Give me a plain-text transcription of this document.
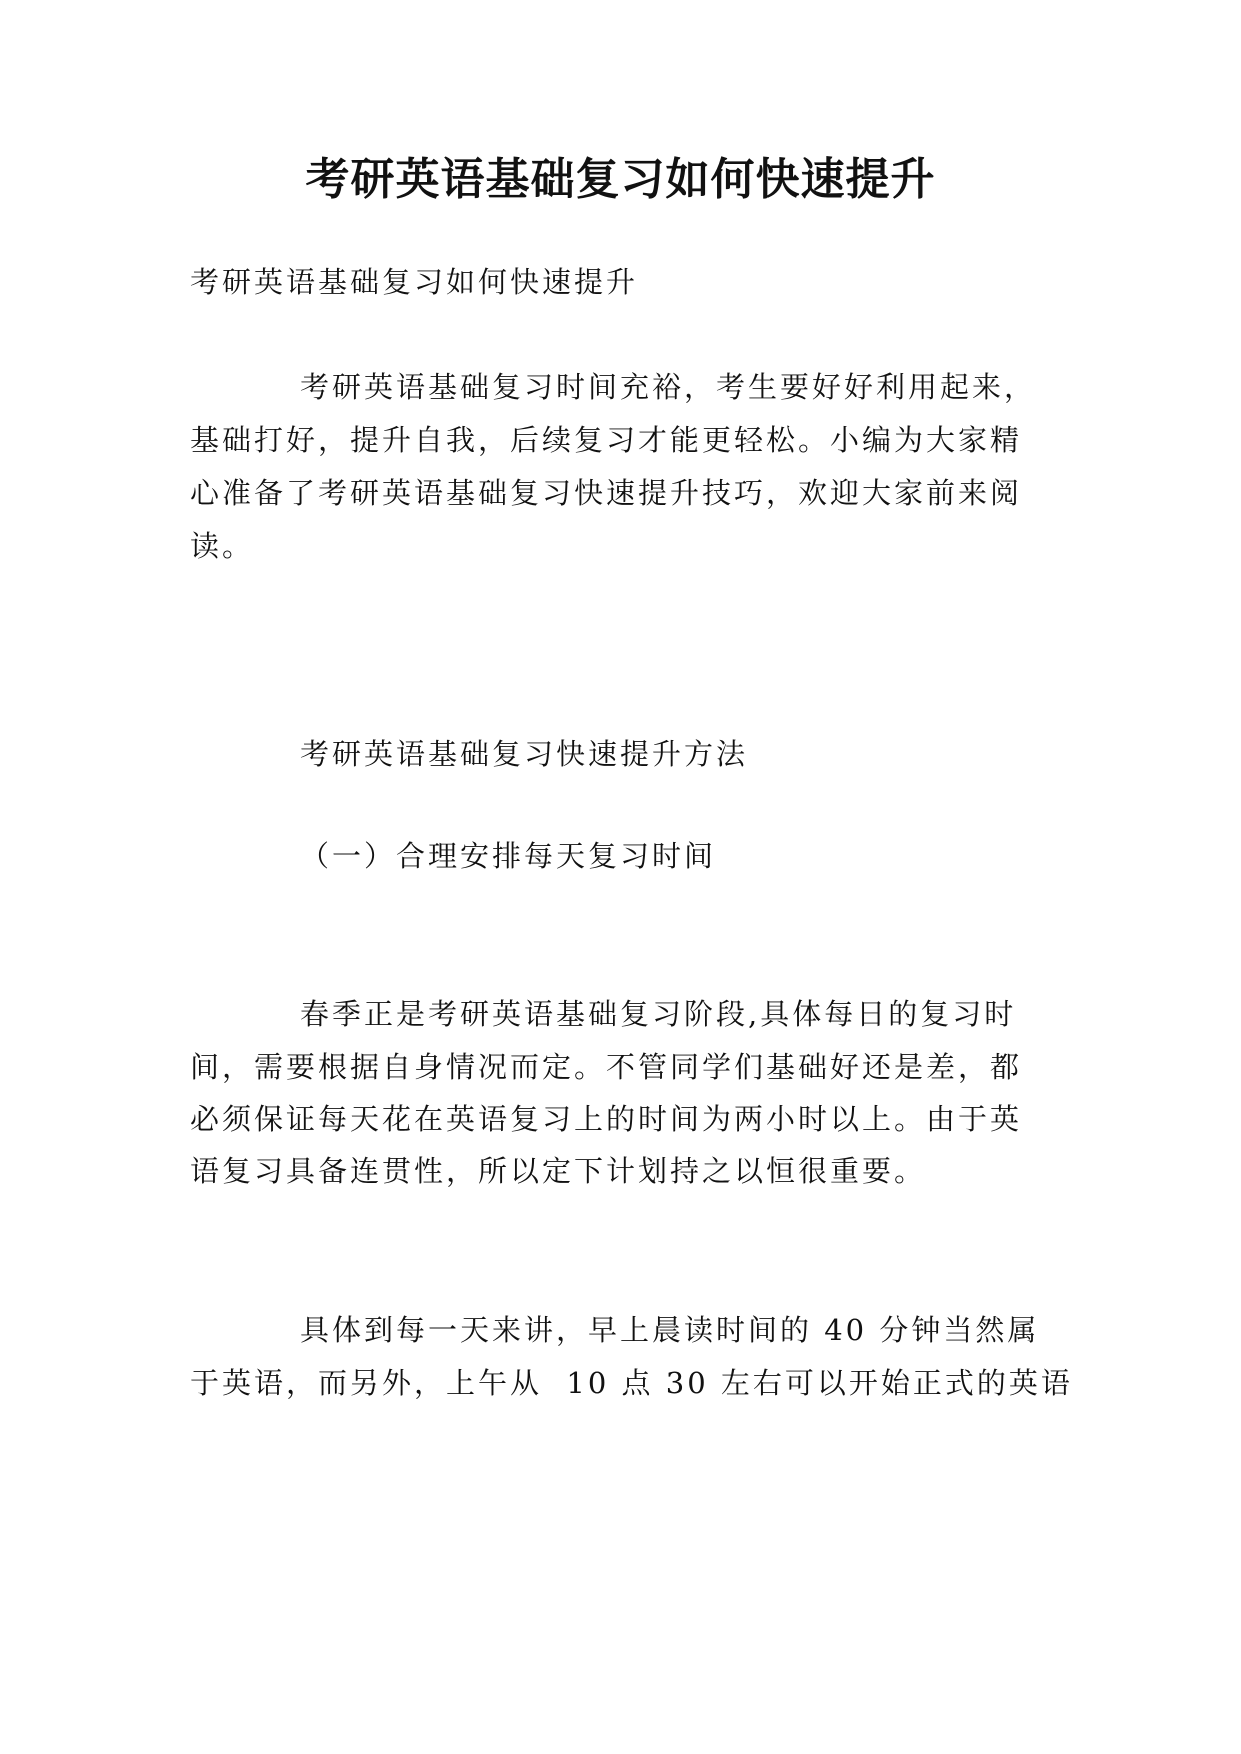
考研英语基础复习如何快速提升

考研英语基础复习如何快速提升

考研英语基础复习时间充裕，考生要好好利用起来，

基础打好，提升自我，后续复习才能更轻松。小编为大家精

心准备了考研英语基础复习快速提升技巧，欢迎大家前来阅

读。

考研英语基础复习快速提升方法

（一）合理安排每天复习时间

春季正是考研英语基础复习阶段,具体每日的复习时

间，需要根据自身情况而定。不管同学们基础好还是差，都

必须保证每天花在英语复习上的时间为两小时以上。由于英

语复习具备连贯性，所以定下计划持之以恒很重要。

具体到每一天来讲，早上晨读时间的 40 分钟当然属

于英语，而另外，上午从  10 点 30 左右可以开始正式的英语
